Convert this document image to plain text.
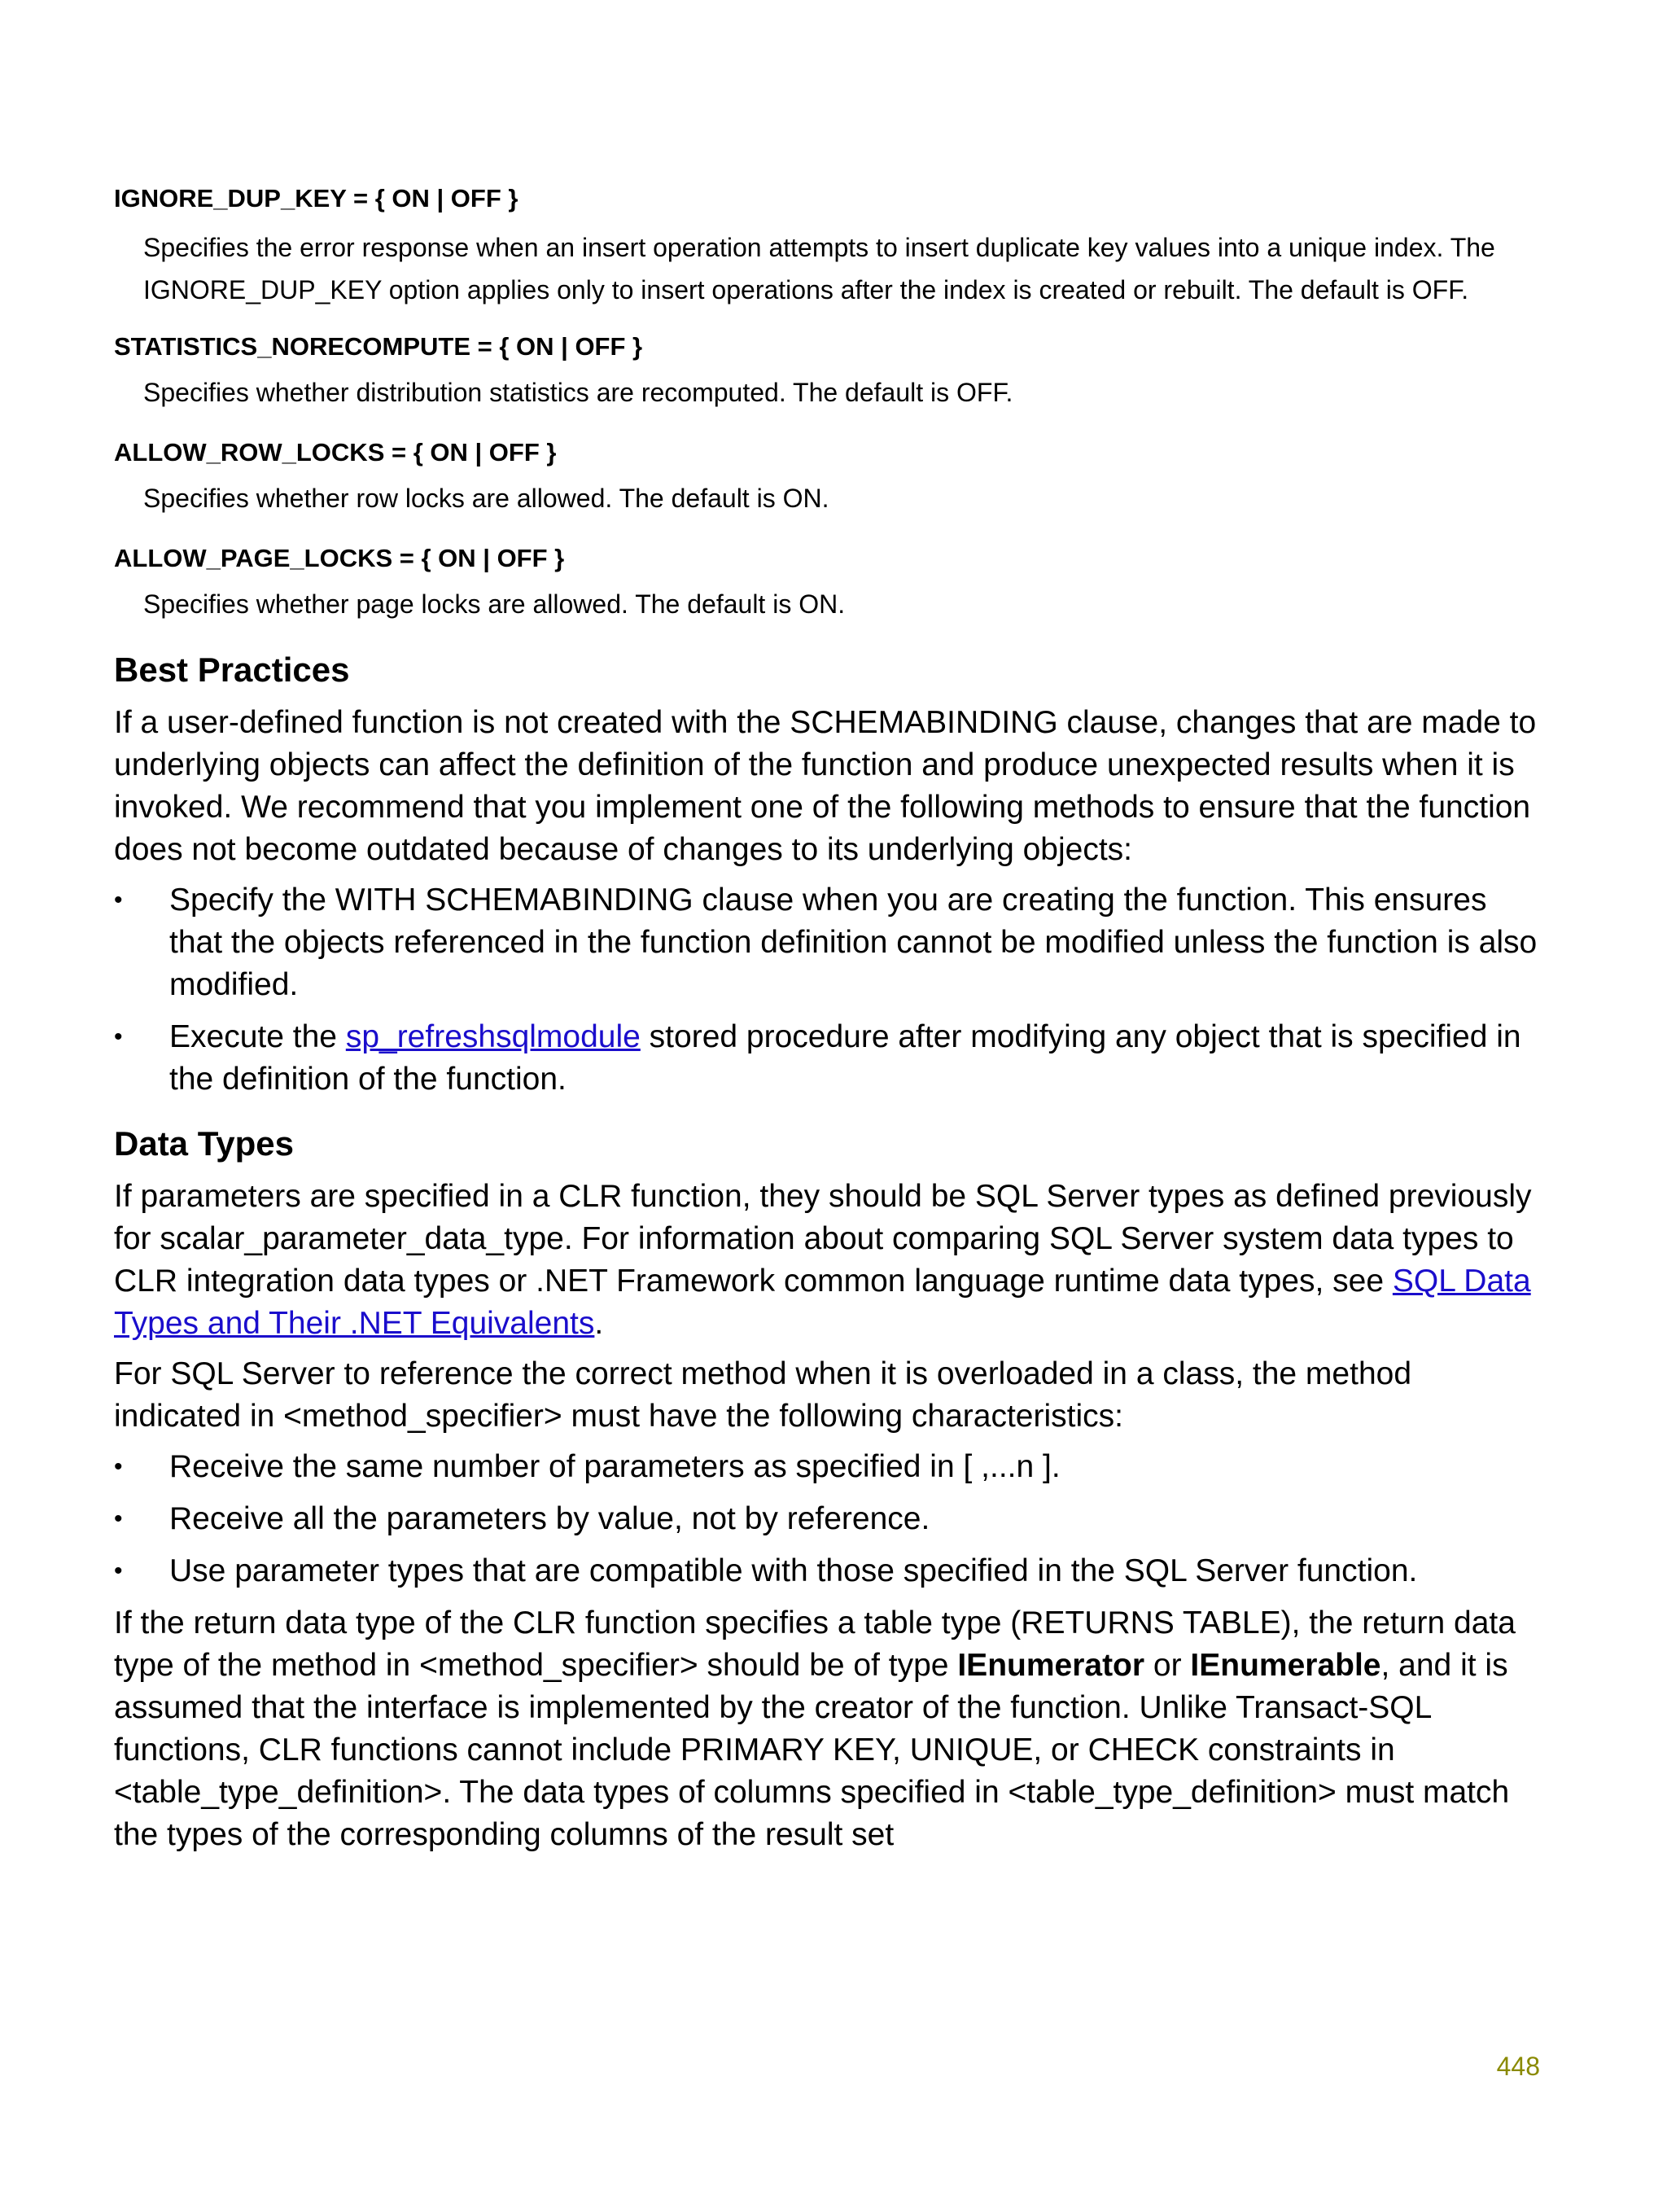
IGNORE_DUP_KEY = { ON | OFF }

Specifies the error response when an insert operation attempts to insert duplicate key values into a unique index. The IGNORE_DUP_KEY option applies only to insert operations after the index is created or rebuilt. The default is OFF.

STATISTICS_NORECOMPUTE = { ON | OFF }

Specifies whether distribution statistics are recomputed. The default is OFF.

ALLOW_ROW_LOCKS = { ON | OFF }

Specifies whether row locks are allowed. The default is ON.

ALLOW_PAGE_LOCKS = { ON | OFF }

Specifies whether page locks are allowed. The default is ON.

Best Practices

If a user-defined function is not created with the SCHEMABINDING clause, changes that are made to underlying objects can affect the definition of the function and produce unexpected results when it is invoked. We recommend that you implement one of the following methods to ensure that the function does not become outdated because of changes to its underlying objects:

•	Specify the WITH SCHEMABINDING clause when you are creating the function. This ensures that the objects referenced in the function definition cannot be modified unless the function is also modified.
•	Execute the sp_refreshsqlmodule stored procedure after modifying any object that is specified in the definition of the function.
Data Types

If parameters are specified in a CLR function, they should be SQL Server types as defined previously for scalar_parameter_data_type. For information about comparing SQL Server system data types to CLR integration data types or .NET Framework common language runtime data types, see SQL Data Types and Their .NET Equivalents.

For SQL Server to reference the correct method when it is overloaded in a class, the method indicated in <method_specifier> must have the following characteristics:

•	Receive the same number of parameters as specified in [ ,...n ].
•	Receive all the parameters by value, not by reference.
•	Use parameter types that are compatible with those specified in the SQL Server function.

If the return data type of the CLR function specifies a table type (RETURNS TABLE), the return data type of the method in <method_specifier> should be of type IEnumerator or IEnumerable, and it is assumed that the interface is implemented by the creator of the function. Unlike Transact-SQL functions, CLR functions cannot include PRIMARY KEY, UNIQUE, or CHECK constraints in <table_type_definition>. The data types of columns specified in <table_type_definition> must match the types of the corresponding columns of the result set

448
